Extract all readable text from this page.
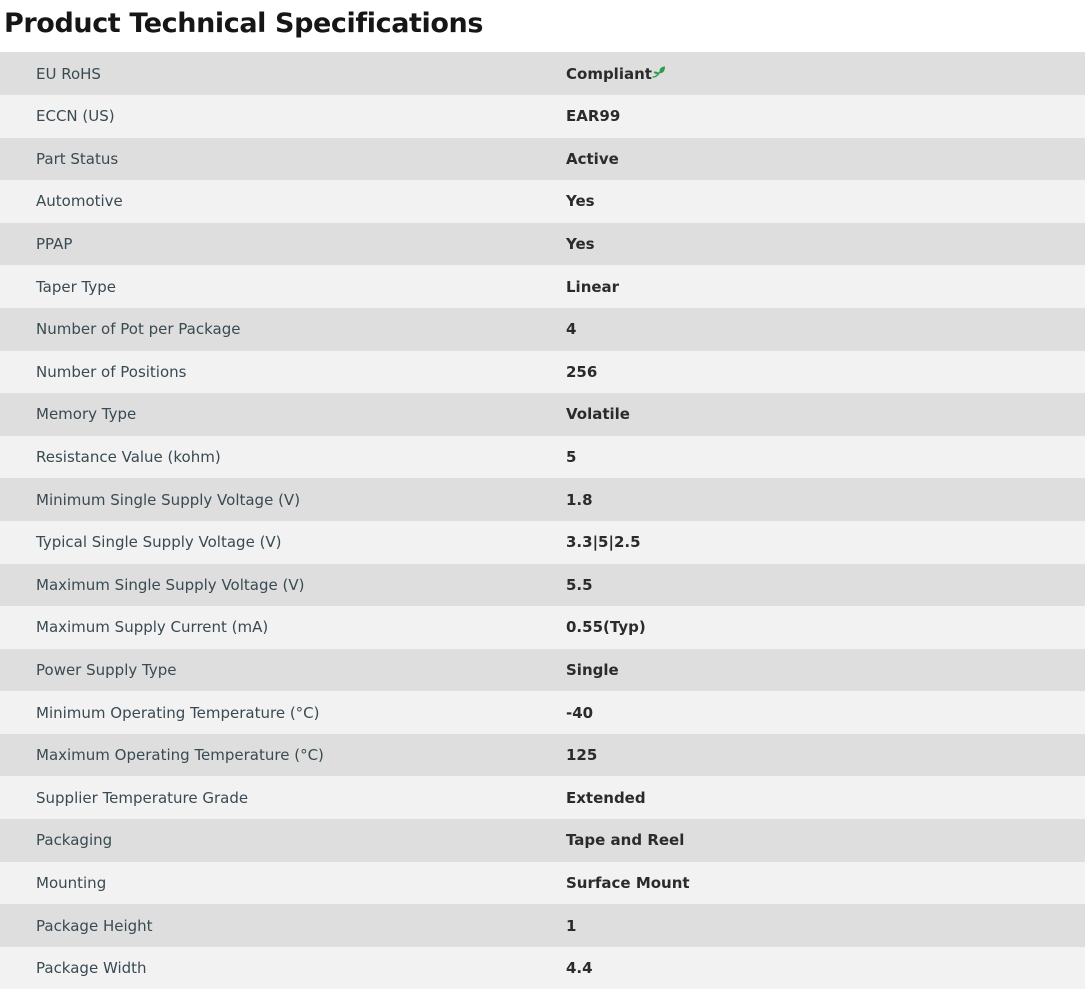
Product Technical Specifications
EU RoHS	Compliant
ECCN (US)	EAR99
Part Status	Active
Automotive	Yes
PPAP	Yes
Taper Type	Linear
Number of Pot per Package	4
Number of Positions	256
Memory Type	Volatile
Resistance Value (kohm)	5
Minimum Single Supply Voltage (V)	1.8
Typical Single Supply Voltage (V)	3.3|5|2.5
Maximum Single Supply Voltage (V)	5.5
Maximum Supply Current (mA)	0.55(Typ)
Power Supply Type	Single
Minimum Operating Temperature (°C)	-40
Maximum Operating Temperature (°C)	125
Supplier Temperature Grade	Extended
Packaging	Tape and Reel
Mounting	Surface Mount
Package Height	1
Package Width	4.4
